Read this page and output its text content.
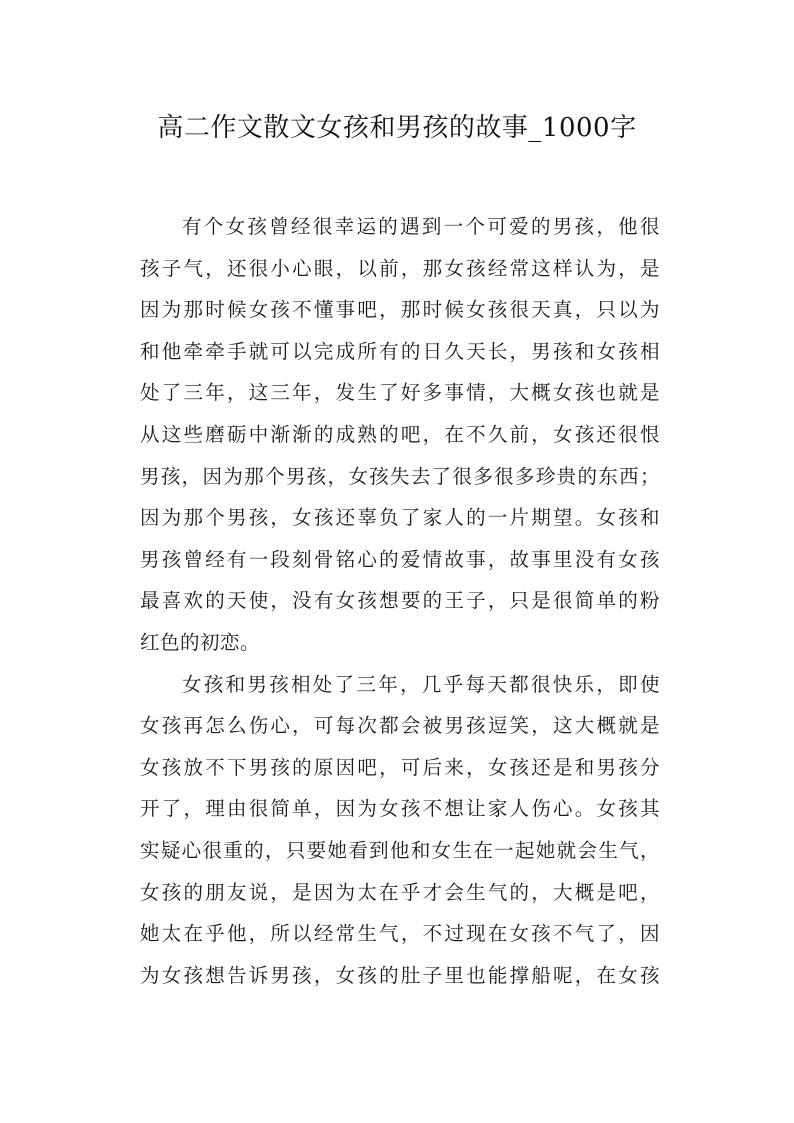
高二作文散文女孩和男孩的故事_1000字
有个女孩曾经很幸运的遇到一个可爱的男孩，他很
孩子气，还很小心眼，以前，那女孩经常这样认为，是
因为那时候女孩不懂事吧，那时候女孩很天真，只以为
和他牵牵手就可以完成所有的日久天长，男孩和女孩相
处了三年，这三年，发生了好多事情，大概女孩也就是
从这些磨砺中渐渐的成熟的吧，在不久前，女孩还很恨
男孩，因为那个男孩，女孩失去了很多很多珍贵的东西；
因为那个男孩，女孩还辜负了家人的一片期望。女孩和
男孩曾经有一段刻骨铭心的爱情故事，故事里没有女孩
最喜欢的天使，没有女孩想要的王子，只是很简单的粉
红色的初恋。
女孩和男孩相处了三年，几乎每天都很快乐，即使
女孩再怎么伤心，可每次都会被男孩逗笑，这大概就是
女孩放不下男孩的原因吧，可后来，女孩还是和男孩分
开了，理由很简单，因为女孩不想让家人伤心。女孩其
实疑心很重的，只要她看到他和女生在一起她就会生气，
女孩的朋友说，是因为太在乎才会生气的，大概是吧，
她太在乎他，所以经常生气，不过现在女孩不气了，因
为女孩想告诉男孩，女孩的肚子里也能撑船呢，在女孩
